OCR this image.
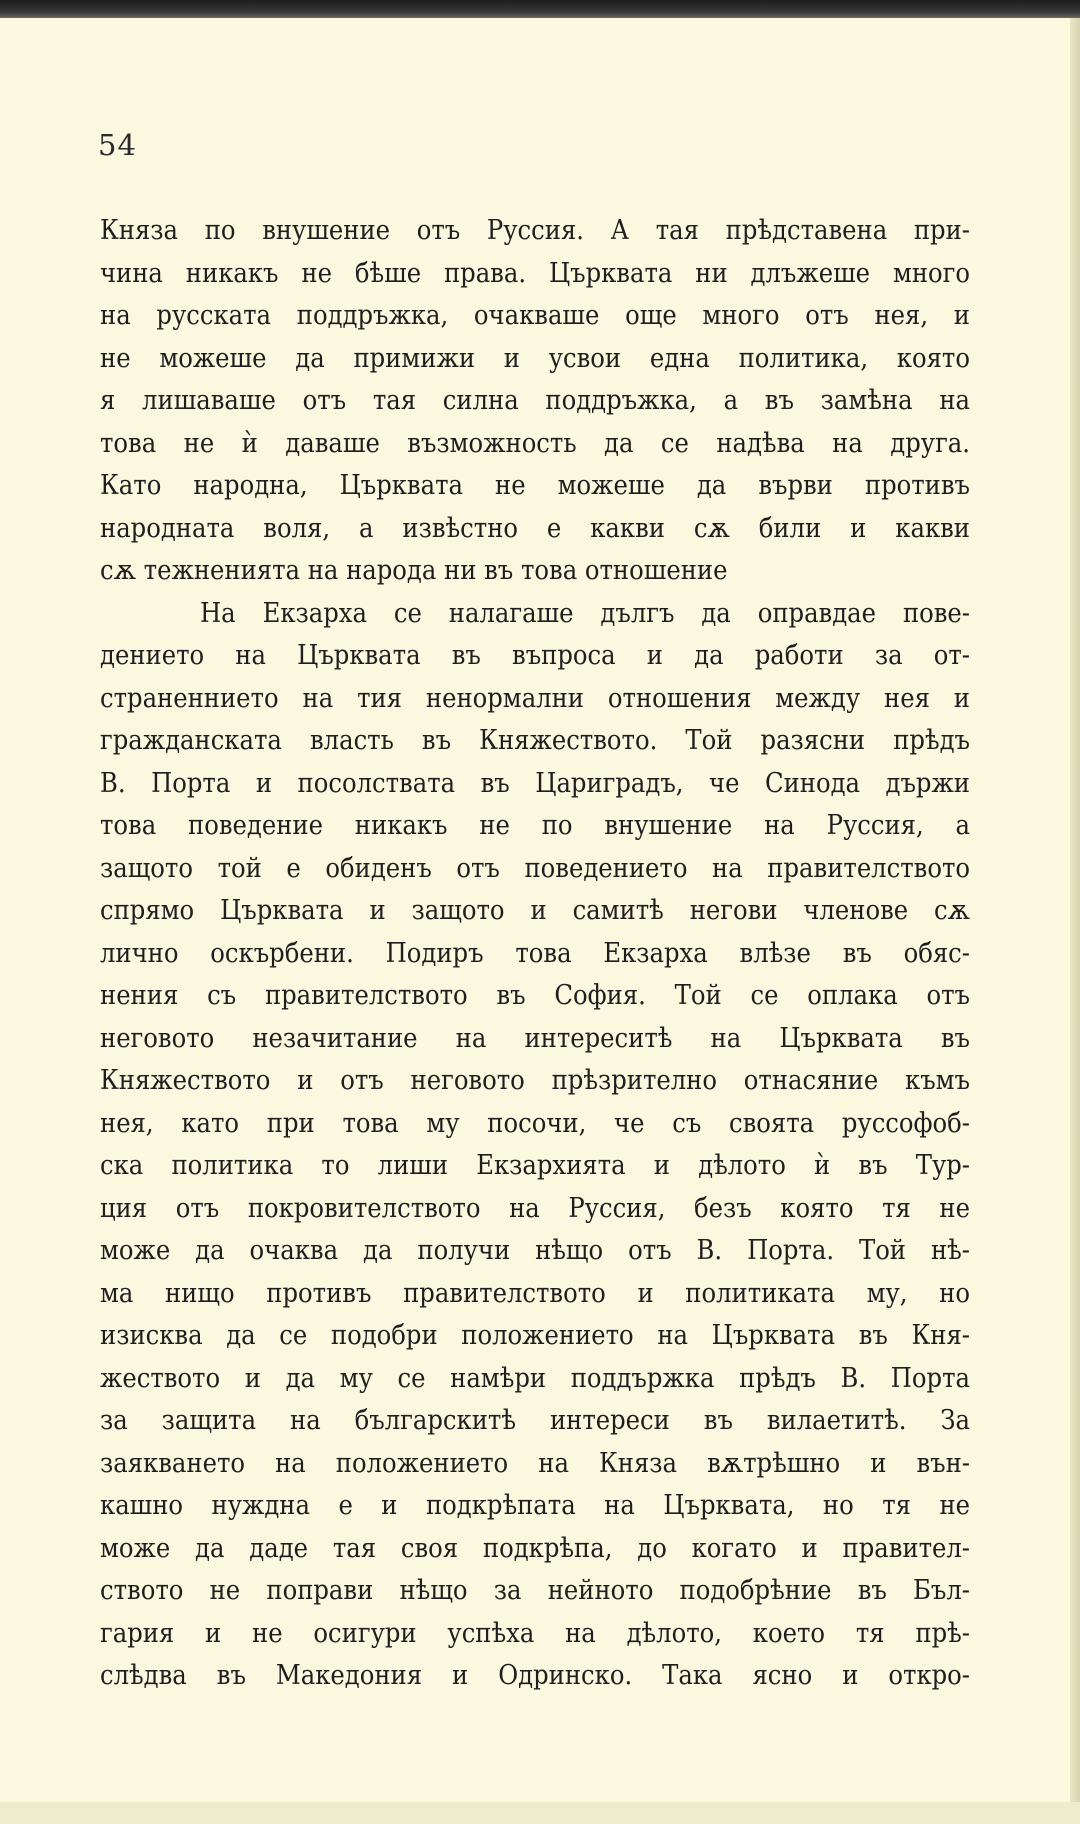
54
Князa по внушение отъ Руссия. А тaя прѣдставена при-
чина никакъ не бѣше права. Църкватa ни длъжеше много
на русската поддръжка, очакваше още много отъ нея, и
не можеше да примижи и усвои една политика, която
я лишаваше отъ тая силна поддръжка, а въ замѣна на
това не ѝ даваше възможность да се надѣва на друга.
Като народна, Църквата не можеше да върви противъ
народната воля, а извѣстно е какви сѫ били и какви
сѫ тежненията на народа ни въ това отношение
На Екзарха се налагаше дългъ да оправдае пове-
дението на Църквата въ въпроса и да работи за от-
страненнието на тия ненормални отношения между нея и
гражданската власть въ Княжеството. Той разясни прѣдъ
В. Порта и посолствата въ Цариградъ, че Синода държи
това поведение никакъ не по внушение на Руссия, а
защото той е обиденъ отъ поведението на правителството
спрямо Църквата и защото и самитѣ негови членове сѫ
лично оскърбени. Подиръ това Екзарха влѣзе въ обяс-
нения съ правителството въ София. Той се оплака отъ
неговото незачитание на интереситѣ на Църквата въ
Княжеството и отъ неговото прѣзрително отнасяние къмъ
нея, като при това му посочи, че съ своята руссофоб-
ска политика то лиши Екзархията и дѣлото ѝ въ Тур-
ция отъ покровителството на Руссия, безъ която тя не
може да очаква да получи нѣщо отъ В. Порта. Той нѣ-
ма нищо противъ правителството и политиката му, но
изисква да се подобри положението на Църквата въ Кня-
жеството и да му се намѣри поддържка прѣдъ В. Порта
за защита на българскитѣ интереси въ вилаетитѣ. За
заякването на положението на Княза вѫтрѣшно и вън-
кашно нуждна е и подкрѣпата на Църквата, но тя не
може да даде тая своя подкрѣпа, до когато и правител-
ството не поправи нѣщо за нейното подобрѣние въ Бъл-
гария и не осигури успѣха на дѣлото, което тя прѣ-
слѣдва въ Македония и Одринско. Така ясно и откро-
